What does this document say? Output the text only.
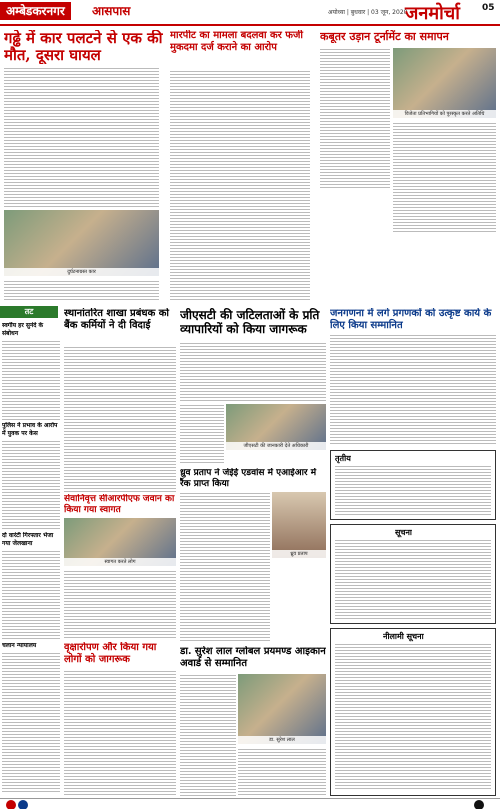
अम्बेडकरनगर	आसपास	अयोध्या | बुधवार | 03 जून, 2020
जनमोर्चा 05
गढ्ढे में कार पलटने से एक की मौत, दूसरा घायल
दुर्घटनाग्रस्त कार
मारपीट का मामला बदलवा कर फर्जी मुकदमा दर्ज कराने का आरोप
कबूतर उड़ान टूर्नामेंट का समापन
विजेता प्रतिभागियों को पुरस्कृत करते अतिथि
तट
स्वर्गीय हर सुनंदे के संबोधन
पुलिस ने प्रभाव के आरोप में युवक पर केस
दो वारंटी गिरफ्तार भेजा गया जेलखाना
चलान न्यायालय
स्थानांतरित शाखा प्रबंधक को बैंक कर्मियों ने दी विदाई
जीएसटी की जटिलताओं के प्रति व्यापारियों को किया जागरूक
जीएसटी की जानकारी देते अधिकारी
जनगणना में लगे प्रगणकों को उत्कृष्ट कार्य के लिए किया सम्मानित
सेवानिवृत्त सीआरपीएफ जवान का किया गया स्वागत
स्वागत करते लोग
ध्रुव प्रताप ने जेईई एडवांस में एआईआर में रैंक प्राप्त किया
ध्रुव प्रताप
तृतीय
सूचना
नीलामी सूचना
वृक्षारोपण और किया गया लोगों को जागरूक
डा. सुरेश लाल ग्लोबल प्रयमण्ड आइकान अवार्ड से सम्मानित
डा. सुरेश लाल
